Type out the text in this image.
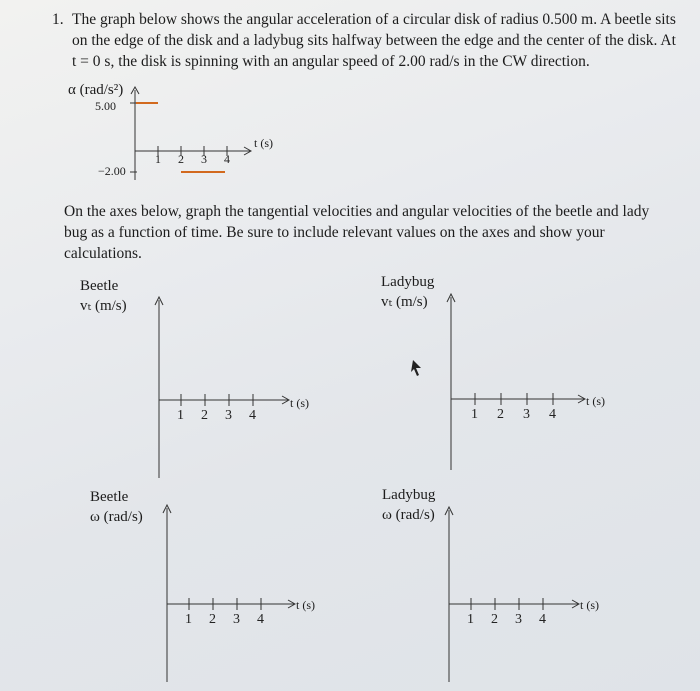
1. The graph below shows the angular acceleration of a circular disk of radius 0.500 m. A beetle sits on the edge of the disk and a ladybug sits halfway between the edge and the center of the disk. At t = 0 s, the disk is spinning with an angular speed of 2.00 rad/s in the CW direction.
α (rad/s²)
5.00
−2.00
t (s)
1 2 3 4
On the axes below, graph the tangential velocities and angular velocities of the beetle and lady bug as a function of time. Be sure to include relevant values on the axes and show your calculations.
Beetle
vₜ (m/s)
t (s)
Ladybug
vₜ (m/s)
t (s)
Beetle
ω (rad/s)
t (s)
Ladybug
ω (rad/s)
t (s)
1 2 3 4	1 2 3 4
1 2 3 4	1 2 3 4
